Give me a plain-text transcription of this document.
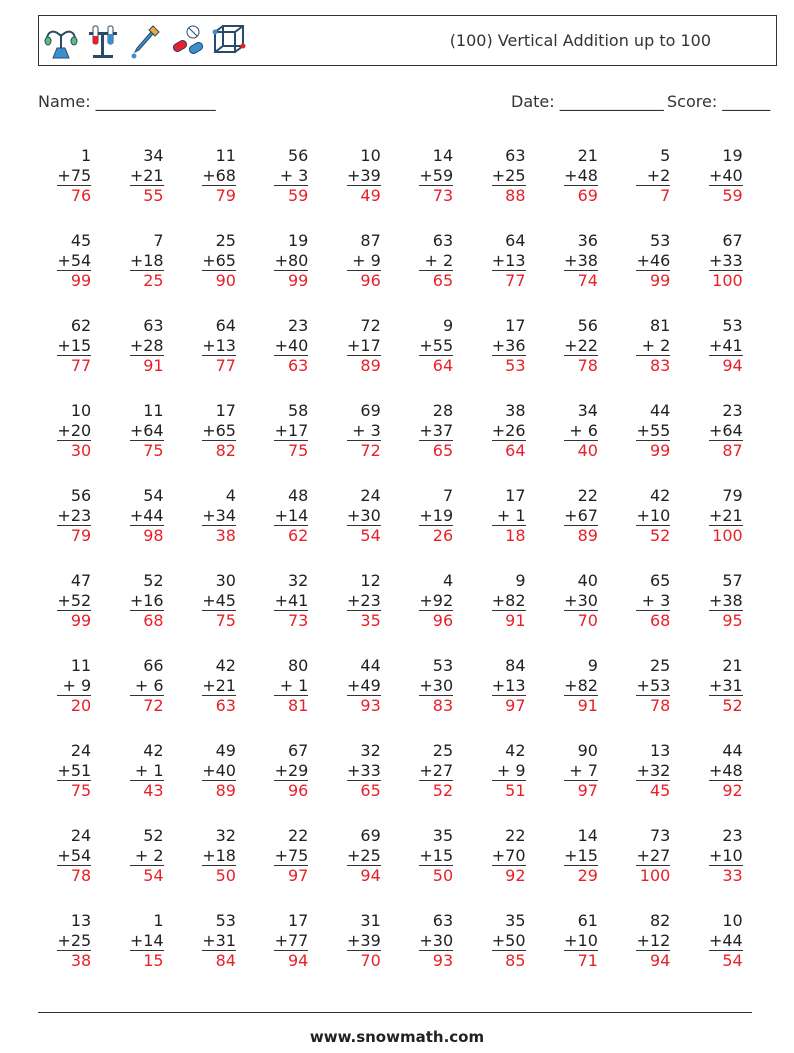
(100) Vertical Addition up to 100
Name: _______________	Date: _____________ Score: ______
1
+75
76
34
+21
55
11
+68
79
56
+ 3
59
10
+39
49
14
+59
73
63
+25
88
21
+48
69
5
+2
7
19
+40
59
45
+54
99
7
+18
25
25
+65
90
19
+80
99
87
+ 9
96
63
+ 2
65
64
+13
77
36
+38
74
53
+46
99
67
+33
100
62
+15
77
63
+28
91
64
+13
77
23
+40
63
72
+17
89
9
+55
64
17
+36
53
56
+22
78
81
+ 2
83
53
+41
94
10
+20
30
11
+64
75
17
+65
82
58
+17
75
69
+ 3
72
28
+37
65
38
+26
64
34
+ 6
40
44
+55
99
23
+64
87
56
+23
79
54
+44
98
4
+34
38
48
+14
62
24
+30
54
7
+19
26
17
+ 1
18
22
+67
89
42
+10
52
79
+21
100
47
+52
99
52
+16
68
30
+45
75
32
+41
73
12
+23
35
4
+92
96
9
+82
91
40
+30
70
65
+ 3
68
57
+38
95
11
+ 9
20
66
+ 6
72
42
+21
63
80
+ 1
81
44
+49
93
53
+30
83
84
+13
97
9
+82
91
25
+53
78
21
+31
52
24
+51
75
42
+ 1
43
49
+40
89
67
+29
96
32
+33
65
25
+27
52
42
+ 9
51
90
+ 7
97
13
+32
45
44
+48
92
24
+54
78
52
+ 2
54
32
+18
50
22
+75
97
69
+25
94
35
+15
50
22
+70
92
14
+15
29
73
+27
100
23
+10
33
13
+25
38
1
+14
15
53
+31
84
17
+77
94
31
+39
70
63
+30
93
35
+50
85
61
+10
71
82
+12
94
10
+44
54
www.snowmath.com
